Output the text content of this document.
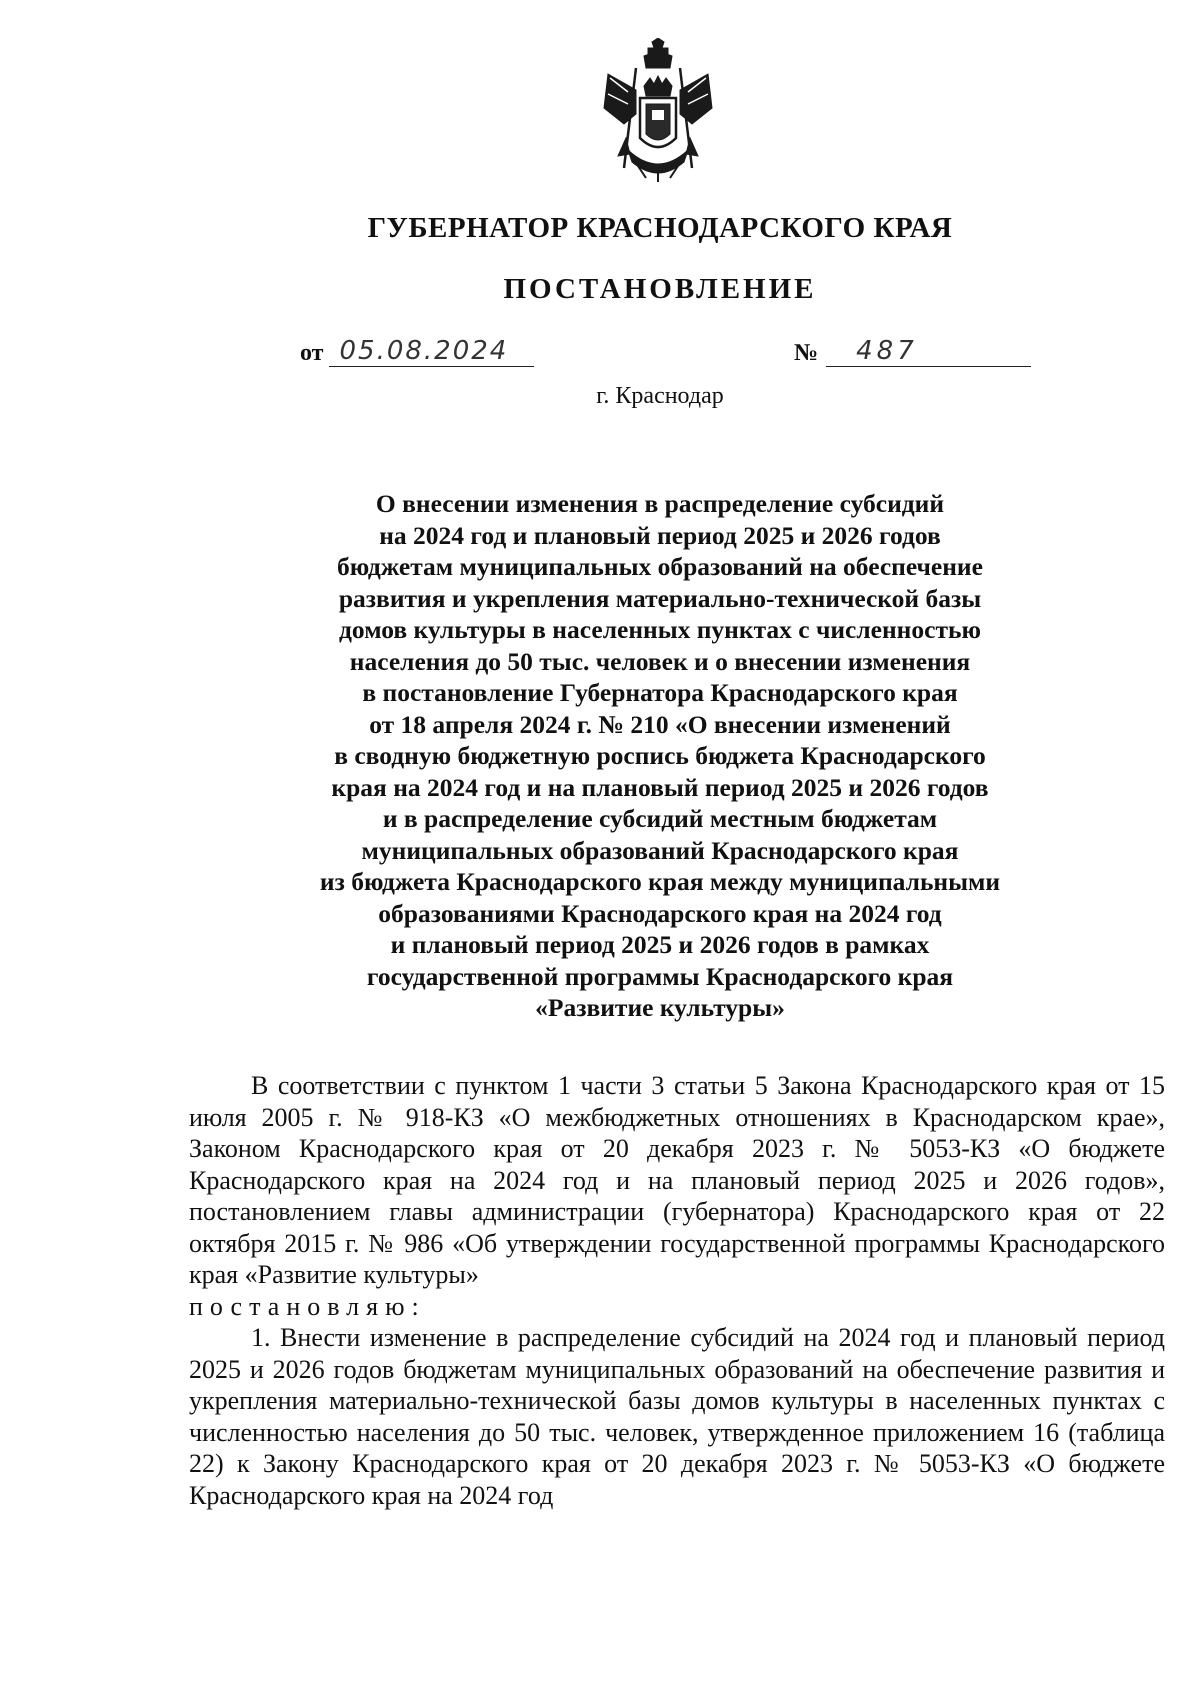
ГУБЕРНАТОР КРАСНОДАРСКОГО КРАЯ
ПОСТАНОВЛЕНИЕ
от 05.08.2024	№	487
г. Краснодар
О внесении изменения в распределение субсидий
на 2024 год и плановый период 2025 и 2026 годов
бюджетам муниципальных образований на обеспечение
развития и укрепления материально-технической базы
домов культуры в населенных пунктах с численностью
населения до 50 тыс. человек и о внесении изменения
в постановление Губернатора Краснодарского края
от 18 апреля 2024 г. № 210 «О внесении изменений
в сводную бюджетную роспись бюджета Краснодарского
края на 2024 год и на плановый период 2025 и 2026 годов
и в распределение субсидий местным бюджетам
муниципальных образований Краснодарского края
из бюджета Краснодарского края между муниципальными
образованиями Краснодарского края на 2024 год
и плановый период 2025 и 2026 годов в рамках
государственной программы Краснодарского края
«Развитие культуры»

В соответствии с пунктом 1 части 3 статьи 5 Закона Краснодарского края от 15 июля 2005 г. № 918-КЗ «О межбюджетных отношениях в Краснодарском крае», Законом Краснодарского края от 20 декабря 2023 г. № 5053-КЗ «О бюджете Краснодарского края на 2024 год и на плановый период 2025 и 2026 годов», постановлением главы администрации (губернатора) Краснодарского края от 22 октября 2015 г. № 986 «Об утверждении государственной программы Краснодарского края «Развитие культуры»
постановляю:

1. Внести изменение в распределение субсидий на 2024 год и плановый период 2025 и 2026 годов бюджетам муниципальных образований на обеспечение развития и укрепления материально-технической базы домов культуры в населенных пунктах с численностью населения до 50 тыс. человек, утвержденное приложением 16 (таблица 22) к Закону Краснодарского края от 20 декабря 2023 г. № 5053-КЗ «О бюджете Краснодарского края на 2024 год
